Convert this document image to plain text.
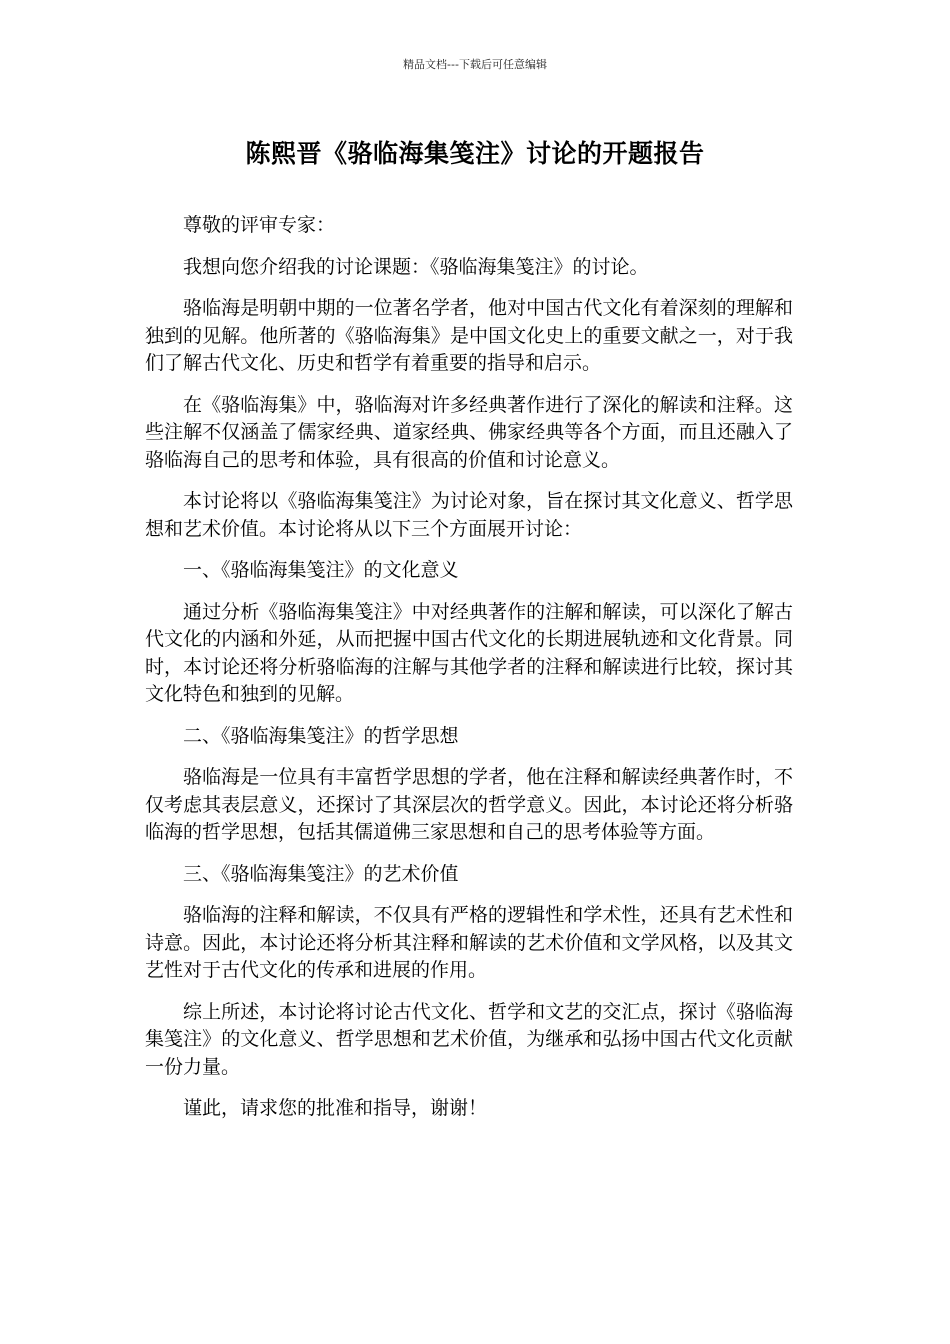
精品文档---下载后可任意编辑
陈熙晋《骆临海集笺注》讨论的开题报告

尊敬的评审专家：

我想向您介绍我的讨论课题：《骆临海集笺注》的讨论。

骆临海是明朝中期的一位著名学者，他对中国古代文化有着深刻的理解和独到的见解。他所著的《骆临海集》是中国文化史上的重要文献之一，对于我们了解古代文化、历史和哲学有着重要的指导和启示。

在《骆临海集》中，骆临海对许多经典著作进行了深化的解读和注释。这些注解不仅涵盖了儒家经典、道家经典、佛家经典等各个方面，而且还融入了骆临海自己的思考和体验，具有很高的价值和讨论意义。

本讨论将以《骆临海集笺注》为讨论对象，旨在探讨其文化意义、哲学思想和艺术价值。本讨论将从以下三个方面展开讨论：

一、《骆临海集笺注》的文化意义

通过分析《骆临海集笺注》中对经典著作的注解和解读，可以深化了解古代文化的内涵和外延，从而把握中国古代文化的长期进展轨迹和文化背景。同时，本讨论还将分析骆临海的注解与其他学者的注释和解读进行比较，探讨其文化特色和独到的见解。

二、《骆临海集笺注》的哲学思想

骆临海是一位具有丰富哲学思想的学者，他在注释和解读经典著作时，不仅考虑其表层意义，还探讨了其深层次的哲学意义。因此，本讨论还将分析骆临海的哲学思想，包括其儒道佛三家思想和自己的思考体验等方面。

三、《骆临海集笺注》的艺术价值

骆临海的注释和解读，不仅具有严格的逻辑性和学术性，还具有艺术性和诗意。因此，本讨论还将分析其注释和解读的艺术价值和文学风格，以及其文艺性对于古代文化的传承和进展的作用。

综上所述，本讨论将讨论古代文化、哲学和文艺的交汇点，探讨《骆临海集笺注》的文化意义、哲学思想和艺术价值，为继承和弘扬中国古代文化贡献一份力量。

谨此，请求您的批准和指导，谢谢！
